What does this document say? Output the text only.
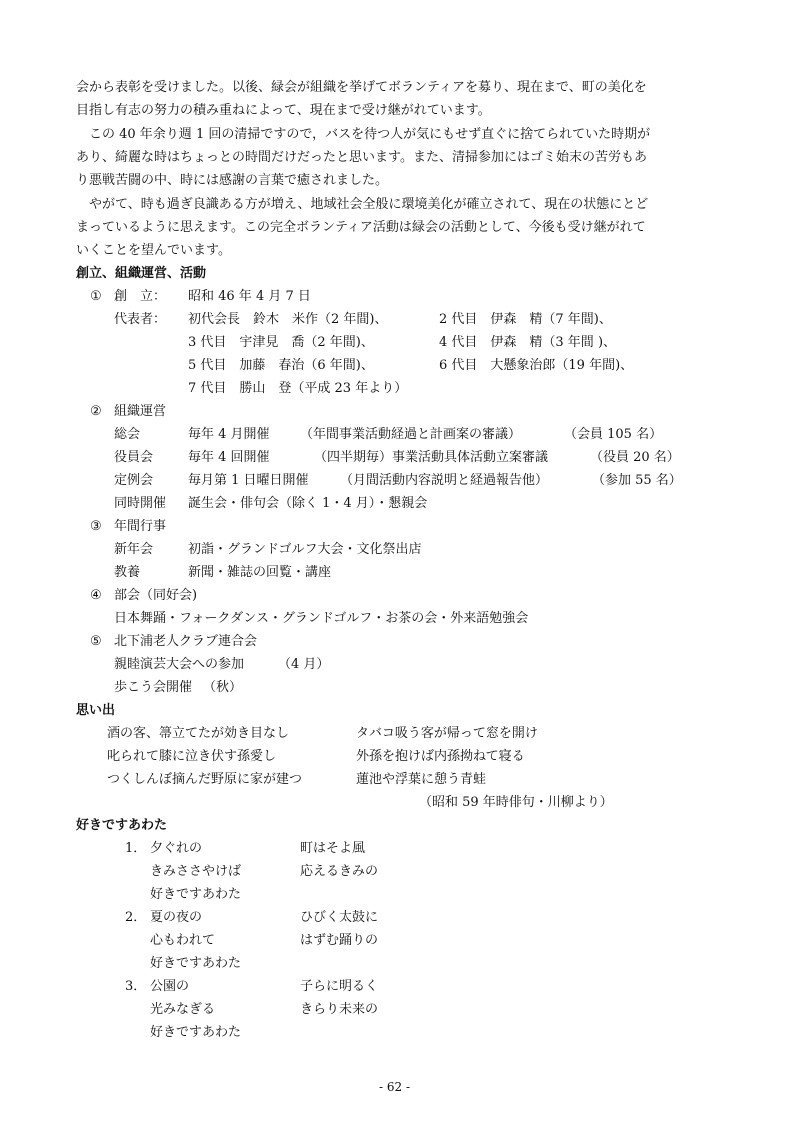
会から表彰を受けました。以後、緑会が組織を挙げてボランティアを募り、現在まで、町の美化を
目指し有志の努力の積み重ねによって、現在まで受け継がれています。
この 40 年余り週 1 回の清掃ですので，バスを待つ人が気にもせず直ぐに捨てられていた時期が
あり、綺麗な時はちょっとの時間だけだったと思います。また、清掃参加にはゴミ始末の苦労もあ
り悪戦苦闘の中、時には感謝の言葉で癒されました。
やがて、時も過ぎ良識ある方が増え、地域社会全般に環境美化が確立されて、現在の状態にとど
まっているように思えます。この完全ボランティア活動は緑会の活動として、今後も受け継がれて
いくことを望んでいます。
創立、組織運営、活動
① 創　立： 昭和 46 年 4 月 7 日
代表者： 初代会長　鈴木　米作（2 年間)、	2 代目　伊森　精（7 年間)、
3 代目　宇津見　喬（2 年間)、	4 代目　伊森　精（3 年間 )、
5 代目　加藤　春治（6 年間)、	6 代目　大懸象治郎（19 年間)、
7 代目　勝山　登（平成 23 年より）
② 組織運営
総会	毎年 4 月開催 （年間事業活動経過と計画案の審議）	（会員 105 名）
役員会	毎年 4 回開催	（四半期毎）事業活動具体活動立案審議	（役員 20 名）
定例会	毎月第 1 日曜日開催 （月間活動内容説明と経過報告他）	（参加 55 名）
同時開催 誕生会・俳句会（除く 1・4 月）・懇親会
③ 年間行事
新年会	初詣・グランドゴルフ大会・文化祭出店
教養	新聞・雑誌の回覧・講座
④ 部会（同好会)
日本舞踊・フォークダンス・グランドゴルフ・お茶の会・外来語勉強会
⑤ 北下浦老人クラブ連合会
親睦演芸大会への参加	（4 月）
歩こう会開催 （秋）
思い出
酒の客、箒立てたが効き目なし	タバコ吸う客が帰って窓を開け
叱られて膝に泣き伏す孫愛し	外孫を抱けば内孫拗ねて寝る
つくしんぼ摘んだ野原に家が建つ	蓮池や浮葉に憩う青蛙
（昭和 59 年時俳句・川柳より）
好きですあわた
1． 夕ぐれの	町はそよ風
きみささやけば	応えるきみの
好きですあわた
2． 夏の夜の	ひびく太鼓に
心もわれて	はずむ踊りの
好きですあわた
3． 公園の	子らに明るく
光みなぎる	きらり未来の
好きですあわた
- 62 -
